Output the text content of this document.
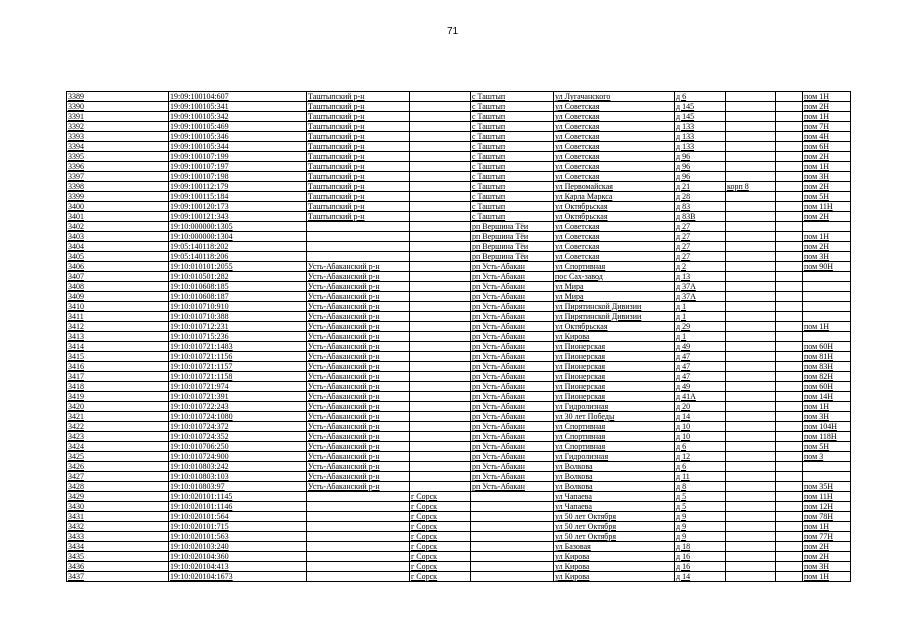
71
3389	19:09:100104:607	Таштыпский р-н		с Таштып	ул Лугачанского	д 6			пом 1Н
3390	19:09:100105:341	Таштыпский р-н		с Таштып	ул Советская	д 145			пом 2Н
3391	19:09:100105:342	Таштыпский р-н		с Таштып	ул Советская	д 145			пом 1Н
3392	19:09:100105:469	Таштыпский р-н		с Таштып	ул Советская	д 133			пом 7Н
3393	19:09:100105:346	Таштыпский р-н		с Таштып	ул Советская	д 133			пом 4Н
3394	19:09:100105:344	Таштыпский р-н		с Таштып	ул Советская	д 133			пом 6Н
3395	19:09:100107:199	Таштыпский р-н		с Таштып	ул Советская	д 96			пом 2Н
3396	19:09:100107:197	Таштыпский р-н		с Таштып	ул Советская	д 96			пом 1Н
3397	19:09:100107:198	Таштыпский р-н		с Таштып	ул Советская	д 96			пом 3Н
3398	19:09:100112:179	Таштыпский р-н		с Таштып	ул Первомайская	д 21	корп 8		пом 2Н
3399	19:09:100115:184	Таштыпский р-н		с Таштып	ул Карла Маркса	д 28			пом 5Н
3400	19:09:100120:173	Таштыпский р-н		с Таштып	ул Октябрьская	д 83			пом 11Н
3401	19:09:100121:343	Таштыпский р-н		с Таштып	ул Октябрьская	д 83В			пом 2Н
3402	19:10:000000:1305			рп Вершина Тёи	ул Советская	д 27			
3403	19:10:000000:1304			рп Вершина Тёи	ул Советская	д 27			пом 1Н
3404	19:05:140118:202			рп Вершина Тёи	ул Советская	д 27			пом 2Н
3405	19:05:140118:206			рп Вершина Тёи	ул Советская	д 27			пом 3Н
3406	19:10:010101:2055	Усть-Абаканский р-н		рп Усть-Абакан	ул Спортивная	д 2			пом 90Н
3407	19:10:010501:282	Усть-Абаканский р-н		рп Усть-Абакан	пос Сах-завод	д 13			
3408	19:10:010608:185	Усть-Абаканский р-н		рп Усть-Абакан	ул Мира	д 37А			
3409	19:10:010608:187	Усть-Абаканский р-н		рп Усть-Абакан	ул Мира	д 37А			
3410	19:10:010710:910	Усть-Абаканский р-н		рп Усть-Абакан	ул Пирятинской Дивизии	д 1			
3411	19:10:010710:388	Усть-Абаканский р-н		рп Усть-Абакан	ул Пирятинской Дивизии	д 1			
3412	19:10:010712:231	Усть-Абаканский р-н		рп Усть-Абакан	ул Октябрьская	д 29			пом 1Н
3413	19:10:010715:236	Усть-Абаканский р-н		рп Усть-Абакан	ул Кирова	д 1			
3414	19:10:010721:1483	Усть-Абаканский р-н		рп Усть-Абакан	ул Пионерская	д 49			пом 60Н
3415	19:10:010721:1156	Усть-Абаканский р-н		рп Усть-Абакан	ул Пионерская	д 47			пом 81Н
3416	19:10:010721:1157	Усть-Абаканский р-н		рп Усть-Абакан	ул Пионерская	д 47			пом 83Н
3417	19:10:010721:1158	Усть-Абаканский р-н		рп Усть-Абакан	ул Пионерская	д 47			пом 82Н
3418	19:10:010721:974	Усть-Абаканский р-н		рп Усть-Абакан	ул Пионерская	д 49			пом 60Н
3419	19:10:010721:391	Усть-Абаканский р-н		рп Усть-Абакан	ул Пионерская	д 41А			пом 14Н
3420	19:10:010722:243	Усть-Абаканский р-н		рп Усть-Абакан	ул Гидролизная	д 20			пом 1Н
3421	19:10:010724:1080	Усть-Абаканский р-н		рп Усть-Абакан	ул 30 лет Победы	д 14			пом 3Н
3422	19:10:010724:372	Усть-Абаканский р-н		рп Усть-Абакан	ул Спортивная	д 10			пом 104Н
3423	19:10:010724:352	Усть-Абаканский р-н		рп Усть-Абакан	ул Спортивная	д 10			пом 118Н
3424	19:10:010706:250	Усть-Абаканский р-н		рп Усть-Абакан	ул Спортивная	д 6			пом 5Н
3425	19:10:010724:900	Усть-Абаканский р-н		рп Усть-Абакан	ул Гидролизная	д 12			пом 3
3426	19:10:010803:242	Усть-Абаканский р-н		рп Усть-Абакан	ул Волкова	д 6			
3427	19:10:010803:103	Усть-Абаканский р-н		рп Усть-Абакан	ул Волкова	д 11			
3428	19:10:010803:97	Усть-Абаканский р-н		рп Усть-Абакан	ул Волкова	д 8			пом 35Н
3429	19:10:020101:1145		г Сорск		ул Чапаева	д 5			пом 11Н
3430	19:10:020101:1146		г Сорск		ул Чапаева	д 5			пом 12Н
3431	19:10:020101:564		г Сорск		ул 50 лет Октября	д 9			пом 78Н
3432	19:10:020101:715		г Сорск		ул 50 лет Октября	д 9			пом 1Н
3433	19:10:020101:563		г Сорск		ул 50 лет Октября	д 9			пом 77Н
3434	19:10:020103:240		г Сорск		ул Базовая	д 18			пом 2Н
3435	19:10:020104:360		г Сорск		ул Кирова	д 16			пом 2Н
3436	19:10:020104:413		г Сорск		ул Кирова	д 16			пом 3Н
3437	19:10:020104:1673		г Сорск		ул Кирова	д 14			пом 1Н
